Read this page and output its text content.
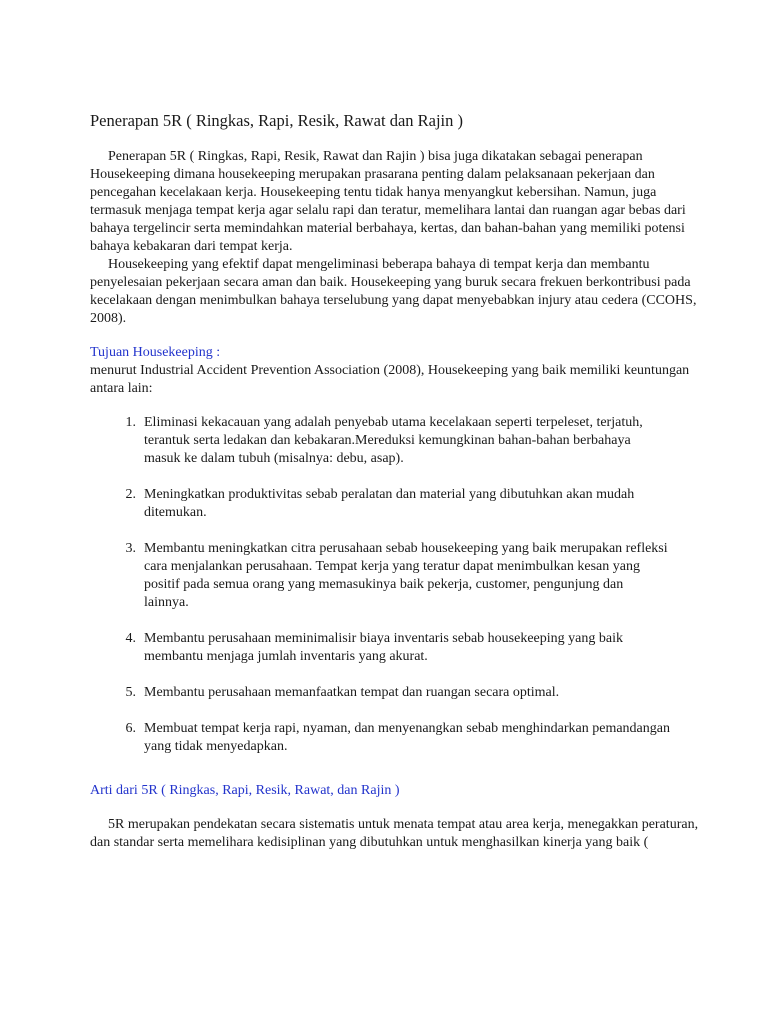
Penerapan 5R ( Ringkas, Rapi, Resik, Rawat dan Rajin )

Penerapan 5R ( Ringkas, Rapi, Resik, Rawat dan Rajin ) bisa juga dikatakan sebagai penerapan Housekeeping dimana housekeeping merupakan prasarana penting dalam pelaksanaan pekerjaan dan pencegahan kecelakaan kerja. Housekeeping tentu tidak hanya menyangkut kebersihan. Namun, juga termasuk menjaga tempat kerja agar selalu rapi dan teratur, memelihara lantai dan ruangan agar bebas dari bahaya tergelincir serta memindahkan material berbahaya, kertas, dan bahan-bahan yang memiliki potensi bahaya kebakaran dari tempat kerja.

Housekeeping yang efektif dapat mengeliminasi beberapa bahaya di tempat kerja dan membantu penyelesaian pekerjaan secara aman dan baik. Housekeeping yang buruk secara frekuen berkontribusi pada kecelakaan dengan menimbulkan bahaya terselubung yang dapat menyebabkan injury atau cedera (CCOHS, 2008).

Tujuan Housekeeping :

menurut Industrial Accident Prevention Association (2008), Housekeeping yang baik memiliki keuntungan antara lain:

1. Eliminasi kekacauan yang adalah penyebab utama kecelakaan seperti terpeleset, terjatuh, terantuk serta ledakan dan kebakaran.Mereduksi kemungkinan bahan-bahan berbahaya masuk ke dalam tubuh (misalnya: debu, asap).
2. Meningkatkan produktivitas sebab peralatan dan material yang dibutuhkan akan mudah ditemukan.
3. Membantu meningkatkan citra perusahaan sebab housekeeping yang baik merupakan refleksi cara menjalankan perusahaan. Tempat kerja yang teratur dapat menimbulkan kesan yang positif pada semua orang yang memasukinya baik pekerja, customer, pengunjung dan lainnya.
4. Membantu perusahaan meminimalisir biaya inventaris sebab housekeeping yang baik membantu menjaga jumlah inventaris yang akurat.
5. Membantu perusahaan memanfaatkan tempat dan ruangan secara optimal.
6. Membuat tempat kerja rapi, nyaman, dan menyenangkan sebab menghindarkan pemandangan yang tidak menyedapkan.

Arti dari 5R ( Ringkas, Rapi, Resik, Rawat, dan Rajin )

5R merupakan pendekatan secara sistematis untuk menata tempat atau area kerja, menegakkan peraturan, dan standar serta memelihara kedisiplinan yang dibutuhkan untuk menghasilkan kinerja yang baik (
